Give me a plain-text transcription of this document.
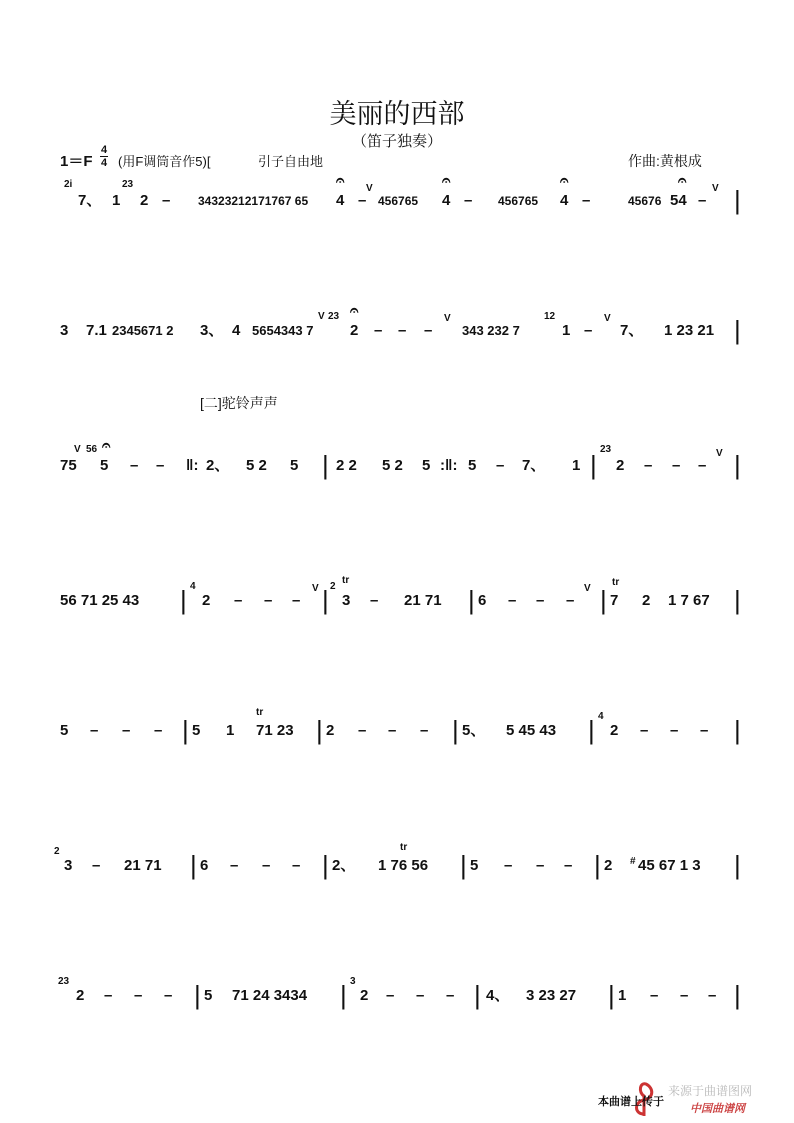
美丽的西部
（笛子独奏）
1＝F
4
4 (用F调筒音作5)[	引子自由地	作曲:黄根成
[二]驼铃声声
2i
7、 1
23
2 – 34323212171767 65
𝄐
4 –
V
456765
𝄐
4 – 456765
𝄐
4 –	45676
𝄐
54 –
V |
3 7.1 2345671 2 3、 4 5654343 7
V 23 𝄐
2 – – –
V
343 232 7
12
1 –
V
7、 1 23 21 |
V 56 𝄐
75 5 – – ‖: 2、 5 2 5 | 2 2 5 2 5 :‖: 5 – 7、 1 |
23
2 – – –
V |
56 71 25 43 | 4
2 – – –
V | 2
tr
3 – 21 71 | 6 – – –
V |
tr
7 2 1 7 67 |
5 – – – | 5 1
tr
71 23 | 2 – – – | 5、 5 45 43 | 4
2 – – – |
2
3 – 21 71 | 6 – – – | 2、
tr
1 76 56 | 5 – – – | 2 # 45 67 1 3 |
23
2 – – – | 5 71 24 3434 | 3
2 – – – | 4、 3 23 27 | 1 – – – |
来源于曲谱图网
本曲谱上传于
中国曲谱网
